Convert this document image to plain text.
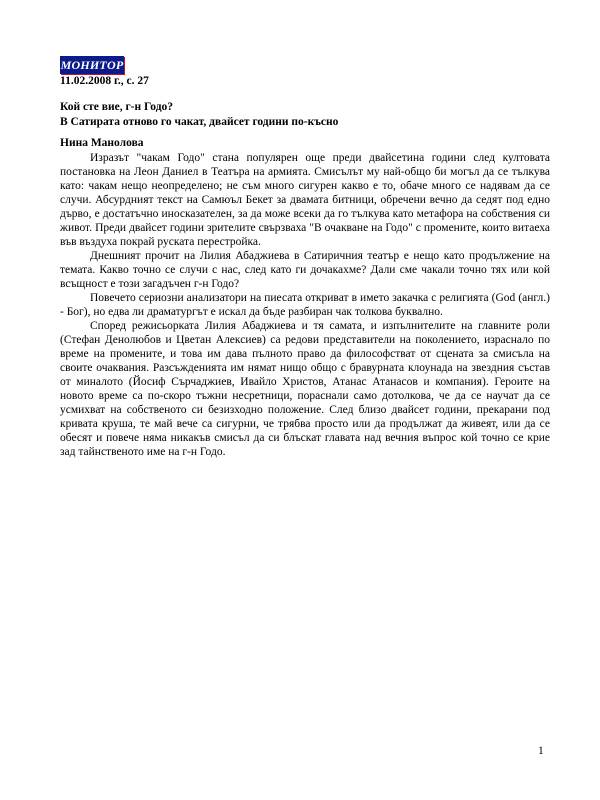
МОНИТОР
11.02.2008 г., с. 27
Кой сте вие, г-н Годо?
В Сатирата отново го чакат, двайсет години по-късно
Нина Манолова

Изразът "чакам Годо" стана популярен още преди двайсетина години след култовата постановка на Леон Даниел в Театъра на армията. Смисълът му най-общо би могъл да се тълкува като: чакам нещо неопределено; не съм много сигурен какво е то, обаче много се надявам да се случи. Абсурдният текст на Самюъл Бекет за двамата битници, обречени вечно да седят под едно дърво, е достатъчно иносказателен, за да може всеки да го тълкува като метафора на собствения си живот. Преди двайсет години зрителите свързваха "В очакване на Годо" с промените, които витаеха във въздуха покрай руската перестройка.

Днешният прочит на Лилия Абаджиева в Сатиричния театър е нещо като продължение на темата. Какво точно се случи с нас, след като ги дочакахме? Дали сме чакали точно тях или кой всъщност е този загадъчен г-н Годо?

Повечето сериозни анализатори на пиесата откриват в името закачка с религията (God (англ.) - Бог), но едва ли драматургът е искал да бъде разбиран чак толкова буквално.

Според режисьорката Лилия Абаджиева и тя самата, и изпълнителите на главните роли (Стефан Денолюбов и Цветан Алексиев) са редови представители на поколението, израснало по време на промените, и това им дава пълното право да философстват от сцената за смисъла на своите очаквания. Разсъжденията им нямат нищо общо с бравурната клоунада на звездния състав от миналото (Йосиф Сърчаджиев, Ивайло Христов, Атанас Атанасов и компания). Героите на новото време са по-скоро тъжни несретници, пораснали само дотолкова, че да се научат да се усмихват на собственото си безизходно положение. След близо двайсет години, прекарани под кривата круша, те май вече са сигурни, че трябва просто или да продължат да живеят, или да се обесят и повече няма никакъв смисъл да си блъскат главата над вечния въпрос кой точно се крие зад тайнственото име на г-н Годо.

1
